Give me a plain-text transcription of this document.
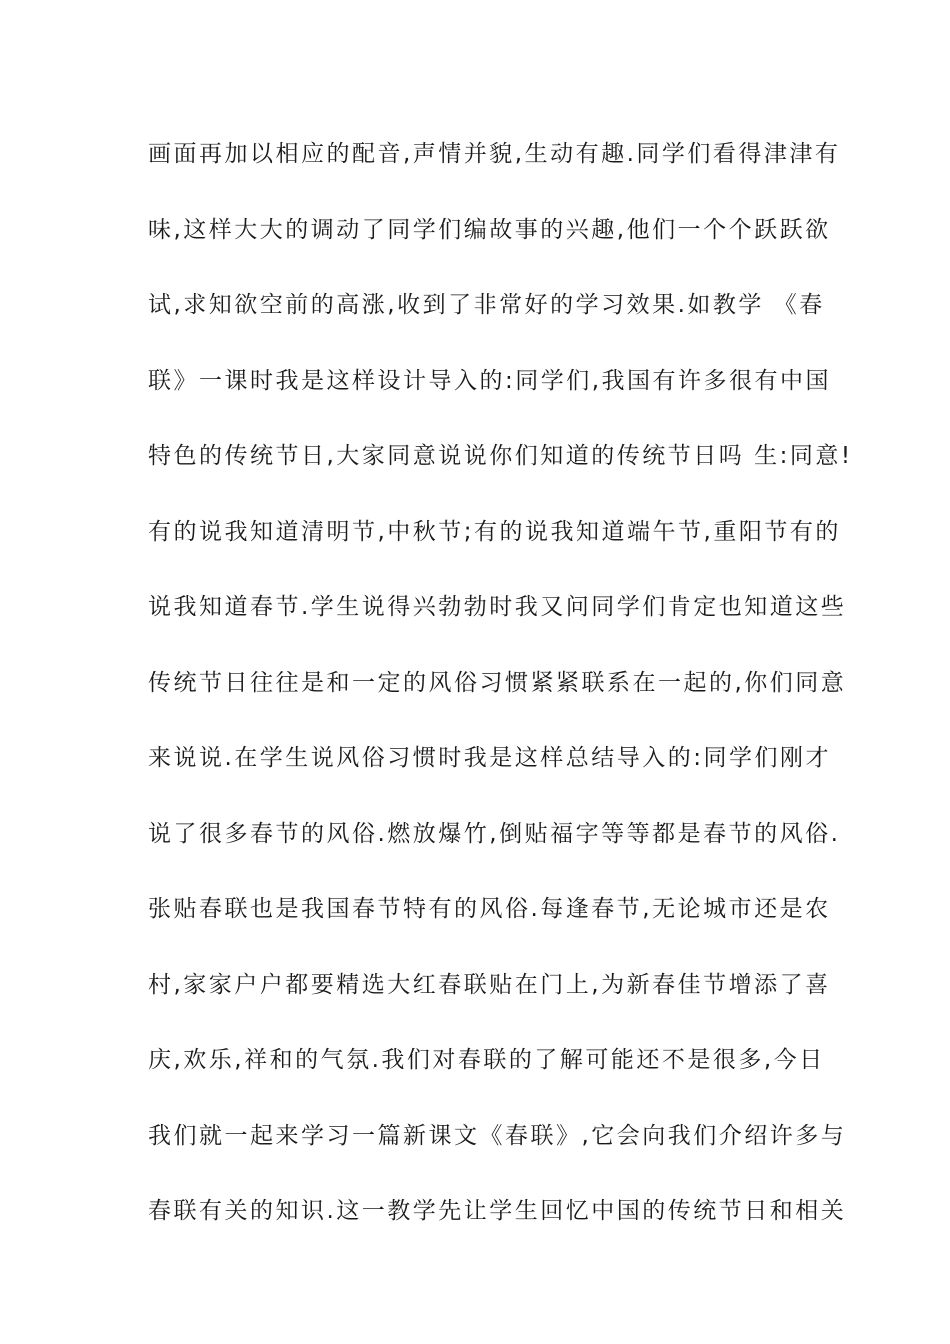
画面再加以相应的配音,声情并貌,生动有趣.同学们看得津津有
味,这样大大的调动了同学们编故事的兴趣,他们一个个跃跃欲
试,求知欲空前的高涨,收到了非常好的学习效果.如教学 《春
联》一课时我是这样设计导入的:同学们,我国有许多很有中国
特色的传统节日,大家同意说说你们知道的传统节日吗 生:同意!
有的说我知道清明节,中秋节;有的说我知道端午节,重阳节有的
说我知道春节.学生说得兴勃勃时我又问同学们肯定也知道这些
传统节日往往是和一定的风俗习惯紧紧联系在一起的,你们同意
来说说.在学生说风俗习惯时我是这样总结导入的:同学们刚才
说了很多春节的风俗.燃放爆竹,倒贴福字等等都是春节的风俗.
张贴春联也是我国春节特有的风俗.每逢春节,无论城市还是农
村,家家户户都要精选大红春联贴在门上,为新春佳节增添了喜
庆,欢乐,祥和的气氛.我们对春联的了解可能还不是很多,今日
我们就一起来学习一篇新课文《春联》,它会向我们介绍许多与
春联有关的知识.这一教学先让学生回忆中国的传统节日和相关
